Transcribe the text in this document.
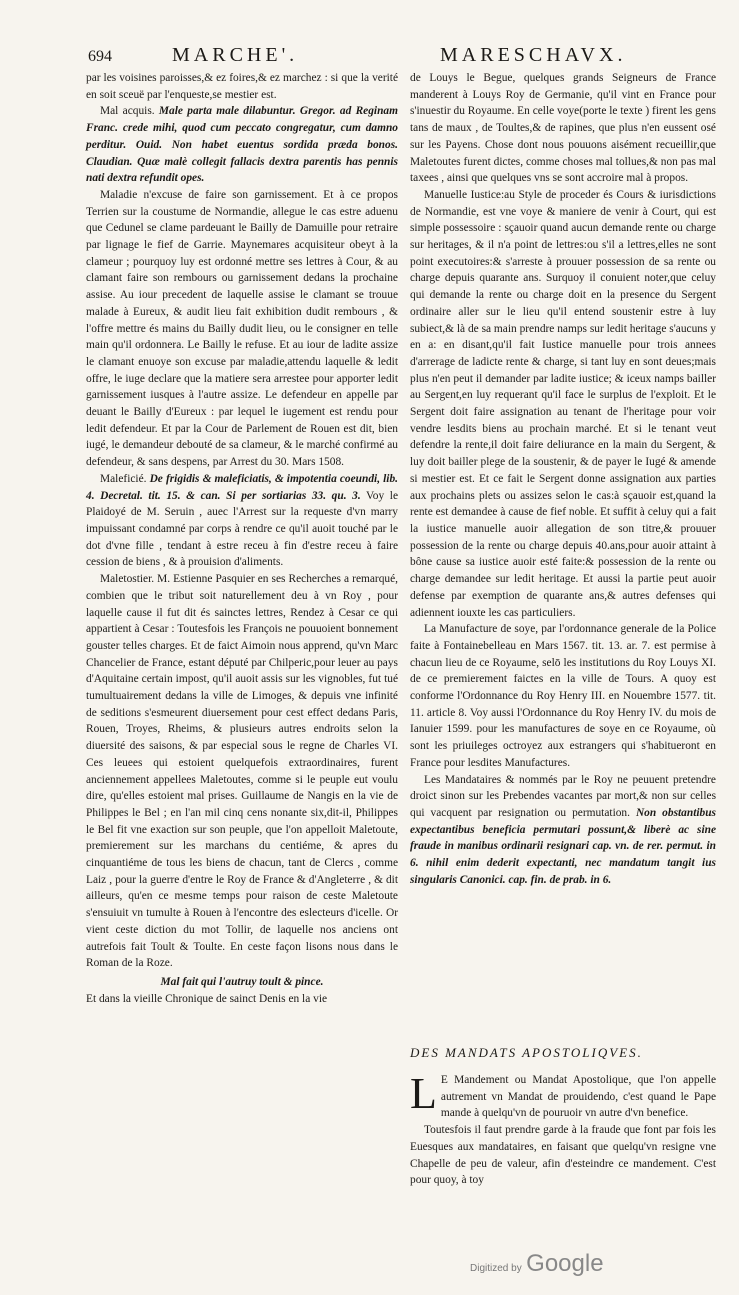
694	MARCHE'.	MARESCHAVX.

par les voisines paroisses,& ez foires,& ez marchez : si que la verité en soit sceuë par l'enqueste,se mestier est.

Mal acquis. Male parta male dilabuntur. Gregor. ad Reginam Franc. crede mihi, quod cum peccato congregatur, cum damno perditur. Ouid. Non habet euentus sordida præda bonos. Claudian. Quæ malè collegit fallacis dextra parentis has pennis nati dextra refundit opes.

Maladie n'excuse de faire son garnissement. Et à ce propos Terrien sur la coustume de Normandie, allegue le cas estre aduenu que Cedunel se clame pardeuant le Bailly de Damuille pour retraire par lignage le fief de Garrie. Maynemares acquisiteur obeyt à la clameur ; pourquoy luy est ordonné mettre ses lettres à Cour, & au clamant faire son rembours ou garnissement dedans la prochaine assise. Au iour precedent de laquelle assise le clamant se trouue malade à Eureux, & audit lieu fait exhibition dudit rembours , & l'offre mettre és mains du Bailly dudit lieu, ou le consigner en telle main qu'il ordonnera. Le Bailly le refuse. Et au iour de ladite assize le clamant enuoye son excuse par maladie,attendu laquelle & ledit offre, le iuge declare que la matiere sera arrestee pour apporter ledit garnissement iusques à l'autre assize. Le defendeur en appelle par deuant le Bailly d'Eureux : par lequel le iugement est rendu pour ledit defendeur. Et par la Cour de Parlement de Rouen est dit, bien iugé, le demandeur debouté de sa clameur, & le marché confirmé au defendeur, & sans despens, par Arrest du 30. Mars 1508.

Maleficié. De frigidis & maleficiatis, & impotentia coeundi, lib. 4. Decretal. tit. 15. & can. Si per sortiarias 33. qu. 3. Voy le Plaidoyé de M. Seruin , auec l'Arrest sur la requeste d'vn marry impuissant condamné par corps à rendre ce qu'il auoit touché par le dot d'vne fille , tendant à estre receu à fin d'estre receu à faire cession de biens , & à prouision d'aliments.

Maletostier. M. Estienne Pasquier en ses Recherches a remarqué, combien que le tribut soit naturellement deu à vn Roy , pour laquelle cause il fut dit és sainctes lettres, Rendez à Cesar ce qui appartient à Cesar : Toutesfois les François ne pouuoient bonnement gouster telles charges. Et de faict Aimoin nous apprend, qu'vn Marc Chancelier de France, estant député par Chilperic,pour leuer au pays d'Aquitaine certain impost, qu'il auoit assis sur les vignobles, fut tué tumultuairement dedans la ville de Limoges, & depuis vne infinité de seditions s'esmeurent diuersement pour cest effect dedans Paris, Rouen, Troyes, Rheims, & plusieurs autres endroits selon la diuersité des saisons, & par especial sous le regne de Charles VI. Ces leuees qui estoient quelquefois extraordinaires, furent anciennement appellees Maletoutes, comme si le peuple eut voulu dire, qu'elles estoient mal prises. Guillaume de Nangis en la vie de Philippes le Bel ; en l'an mil cinq cens nonante six,dit-il, Philippes le Bel fit vne exaction sur son peuple, que l'on appelloit Maletoute, premierement sur les marchans du centiéme, & apres du cinquantiéme de tous les biens de chacun, tant de Clercs , comme Laiz , pour la guerre d'entre le Roy de France & d'Angleterre , & dit ailleurs, qu'en ce mesme temps pour raison de ceste Maletoute s'ensuiuit vn tumulte à Rouen à l'encontre des eslecteurs d'icelle. Or vient ceste diction du mot Tollir, de laquelle nos anciens ont autrefois fait Toult & Toulte. En ceste façon lisons nous dans le Roman de la Roze.

Mal fait qui l'autruy toult & pince.

Et dans la vieille Chronique de sainct Denis en la vie

de Louys le Begue, quelques grands Seigneurs de France manderent à Louys Roy de Germanie, qu'il vint en France pour s'inuestir du Royaume. En celle voye(porte le texte ) firent les gens tans de maux , de Toultes,& de rapines, que plus n'en eussent osé sur les Payens. Chose dont nous pouuons aisément recueillir,que Maletoutes furent dictes, comme choses mal tollues,& non pas mal taxees , ainsi que quelques vns se sont accroire mal à propos.

Manuelle Iustice:au Style de proceder és Cours & iurisdictions de Normandie, est vne voye & maniere de venir à Court, qui est simple possessoire : sçauoir quand aucun demande rente ou charge sur heritages, & il n'a point de lettres:ou s'il a lettres,elles ne sont point executoires:& s'arreste à prouuer possession de sa rente ou charge depuis quarante ans. Surquoy il conuient noter,que celuy qui demande la rente ou charge doit en la presence du Sergent ordinaire aller sur le lieu qu'il entend soustenir estre à luy subiect,& là de sa main prendre namps sur ledit heritage s'aucuns y en a: en disant,qu'il fait Iustice manuelle pour trois annees d'arrerage de ladicte rente & charge, si tant luy en sont deues;mais plus n'en peut il demander par ladite iustice; & iceux namps bailler au Sergent,en luy requerant qu'il face le surplus de l'exploit. Et le Sergent doit faire assignation au tenant de l'heritage pour voir vendre lesdits biens au prochain marché. Et si le tenant veut defendre la rente,il doit faire deliurance en la main du Sergent, & luy doit bailler plege de la soustenir, & de payer le Iugé & amende si mestier est. Et ce fait le Sergent donne assignation aux parties aux prochains plets ou assizes selon le cas:à sçauoir est,quand la rente est demandee à cause de fief noble. Et suffit à celuy qui a fait la iustice manuelle auoir allegation de son titre,& prouuer possession de la rente ou charge depuis 40.ans,pour auoir attaint à bône cause sa iustice auoir esté faite:& possession de la rente ou charge demandee sur ledit heritage. Et aussi la partie peut auoir defense par exemption de quarante ans,& autres defenses qui adiennent iouxte les cas particuliers.

La Manufacture de soye, par l'ordonnance generale de la Police faite à Fontainebelleau en Mars 1567. tit. 13. ar. 7. est permise à chacun lieu de ce Royaume, selō les institutions du Roy Louys XI. de ce premierement faictes en la ville de Tours. A quoy est conforme l'Ordonnance du Roy Henry III. en Nouembre 1577. tit. 11. article 8. Voy aussi l'Ordonnance du Roy Henry IV. du mois de Ianuier 1599. pour les manufactures de soye en ce Royaume, où sont les priuileges octroyez aux estrangers qui s'habitueront en France pour lesdites Manufactures.

Les Mandataires & nommés par le Roy ne peuuent pretendre droict sinon sur les Prebendes vacantes par mort,& non sur celles qui vacquent par resignation ou permutation. Non obstantibus expectantibus beneficia permutari possunt,& liberè ac sine fraude in manibus ordinarii resignari cap. vn. de rer. permut. in 6. nihil enim dederit expectanti, nec mandatum tangit ius singularis Canonici. cap. fin. de prab. in 6.

DES MANDATS APOSTOLIQVES.

L E Mandement ou Mandat Apostolique, que l'on appelle autrement vn Mandat de prouidendo, c'est quand le Pape mande à quelqu'vn de pouruoir vn autre d'vn benefice.

Toutesfois il faut prendre garde à la fraude que font par fois les Euesques aux mandataires, en faisant que quelqu'vn resigne vne Chapelle de peu de valeur, afin d'esteindre ce mandement. C'est pour quoy, à toy

Digitized by Google
